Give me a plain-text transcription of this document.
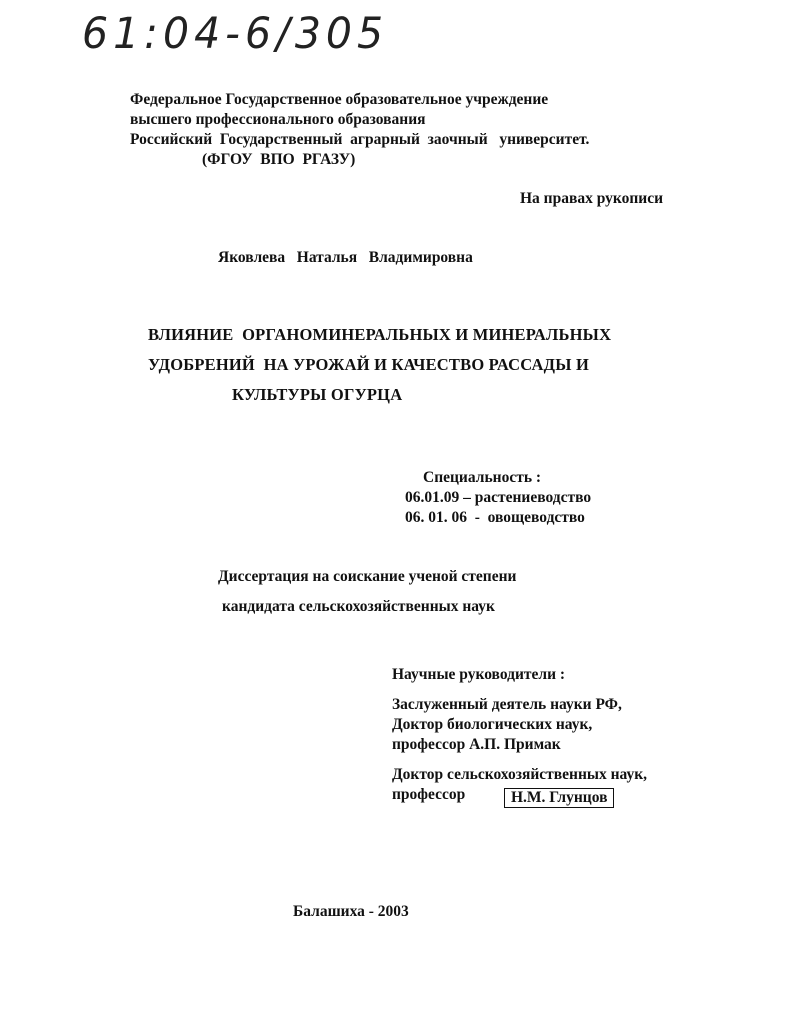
61:04-6/305
Федеральное Государственное образовательное учреждение
высшего профессионального образования
Российский  Государственный  аграрный  заочный   университет.
(ФГОУ  ВПО  РГАЗУ)
На правах рукописи
Яковлева   Наталья   Владимировна
ВЛИЯНИЕ  ОРГАНОМИНЕРАЛЬНЫХ И МИНЕРАЛЬНЫХ
УДОБРЕНИЙ  НА УРОЖАЙ И КАЧЕСТВО РАССАДЫ И
КУЛЬТУРЫ ОГУРЦА
Специальность :
06.01.09 – растениеводство
06. 01. 06  -  овощеводство
Диссертация на соискание ученой степени
кандидата сельскохозяйственных наук
Научные руководители :
Заслуженный деятель науки РФ,
Доктор биологических наук,
профессор А.П. Примак
Доктор сельскохозяйственных наук,
профессор	Н.М. Глунцов
Балашиха - 2003
